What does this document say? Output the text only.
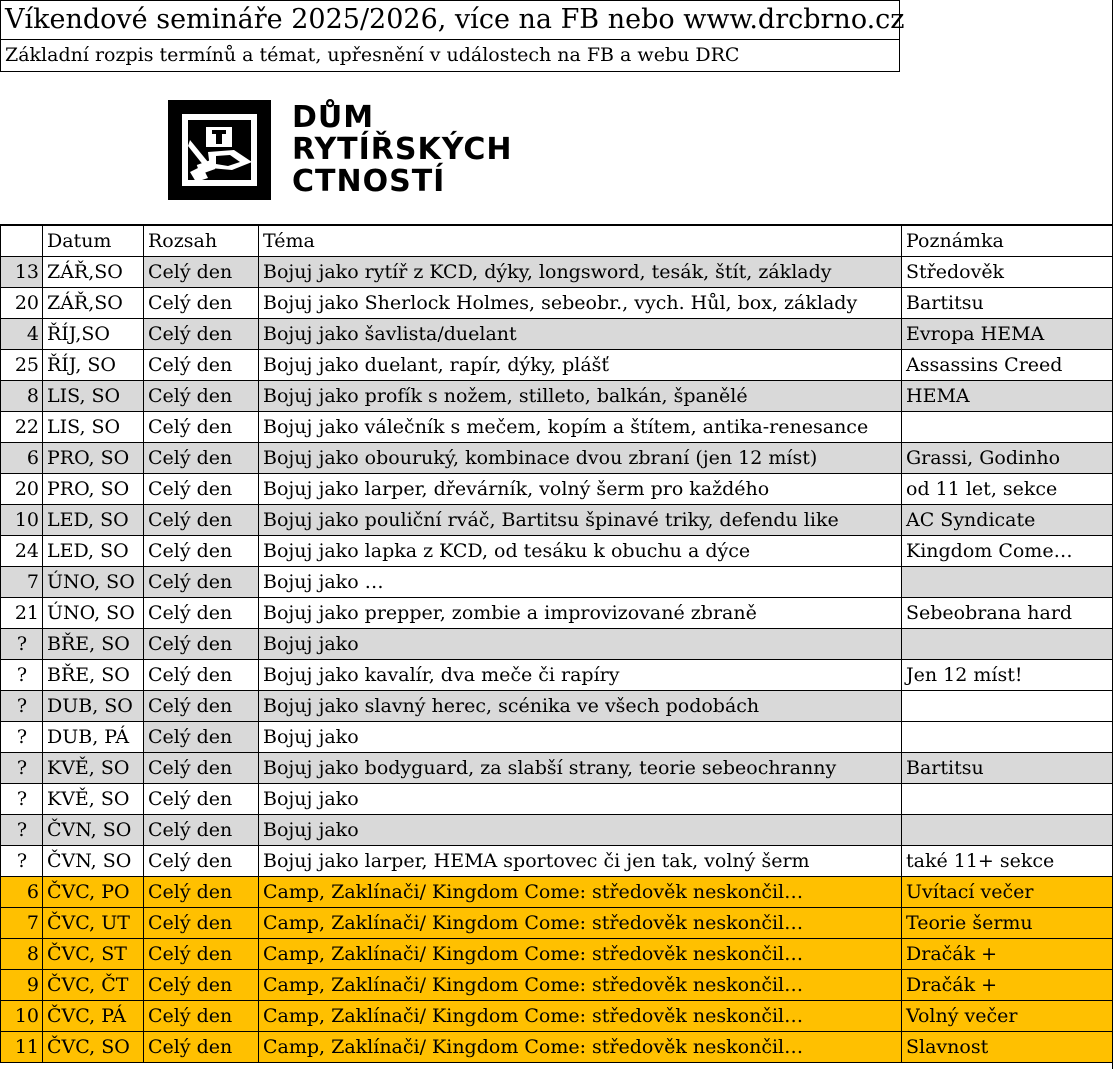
Víkendové semináře 2025/2026, více na FB nebo www.drcbrno.cz
Základní rozpis termínů a témat, upřesnění v událostech na FB a webu DRC
DŮM
RYTÍŘSKÝCH
CTNOSTÍ
	Datum	Rozsah	Téma	Poznámka
13	ZÁŘ,SO	Celý den	Bojuj jako rytíř z KCD, dýky, longsword, tesák, štít, základy	Středověk
20	ZÁŘ,SO	Celý den	Bojuj jako Sherlock Holmes, sebeobr., vych. Hůl, box, základy	Bartitsu
4	ŘÍJ,SO	Celý den	Bojuj jako šavlista/duelant	Evropa HEMA
25	ŘÍJ, SO	Celý den	Bojuj jako duelant, rapír, dýky, plášť	Assassins Creed
8	LIS, SO	Celý den	Bojuj jako profík s nožem, stilleto, balkán, španělé	HEMA
22	LIS, SO	Celý den	Bojuj jako válečník s mečem, kopím a štítem, antika-renesance	
6	PRO, SO	Celý den	Bojuj jako obouruký, kombinace dvou zbraní (jen 12 míst)	Grassi, Godinho
20	PRO, SO	Celý den	Bojuj jako larper, dřevárník, volný šerm pro každého	od 11 let, sekce
10	LED, SO	Celý den	Bojuj jako pouliční rváč, Bartitsu špinavé triky, defendu like	AC Syndicate
24	LED, SO	Celý den	Bojuj jako lapka z KCD, od tesáku k obuchu a dýce	Kingdom Come…
7	ÚNO, SO	Celý den	Bojuj jako …	
21	ÚNO, SO	Celý den	Bojuj jako prepper, zombie a improvizované zbraně	Sebeobrana hard
?	BŘE, SO	Celý den	Bojuj jako	
?	BŘE, SO	Celý den	Bojuj jako kavalír, dva meče či rapíry	Jen 12 míst!
?	DUB, SO	Celý den	Bojuj jako slavný herec, scénika ve všech podobách	
?	DUB, PÁ	Celý den	Bojuj jako	
?	KVĚ, SO	Celý den	Bojuj jako bodyguard, za slabší strany, teorie sebeochranny	Bartitsu
?	KVĚ, SO	Celý den	Bojuj jako	
?	ČVN, SO	Celý den	Bojuj jako	
?	ČVN, SO	Celý den	Bojuj jako larper, HEMA sportovec či jen tak, volný šerm	také 11+ sekce
6	ČVC, PO	Celý den	Camp, Zaklínači/ Kingdom Come: středověk neskončil…	Uvítací večer
7	ČVC, UT	Celý den	Camp, Zaklínači/ Kingdom Come: středověk neskončil…	Teorie šermu
8	ČVC, ST	Celý den	Camp, Zaklínači/ Kingdom Come: středověk neskončil…	Dračák +
9	ČVC, ČT	Celý den	Camp, Zaklínači/ Kingdom Come: středověk neskončil…	Dračák +
10	ČVC, PÁ	Celý den	Camp, Zaklínači/ Kingdom Come: středověk neskončil…	Volný večer
11	ČVC, SO	Celý den	Camp, Zaklínači/ Kingdom Come: středověk neskončil…	Slavnost
